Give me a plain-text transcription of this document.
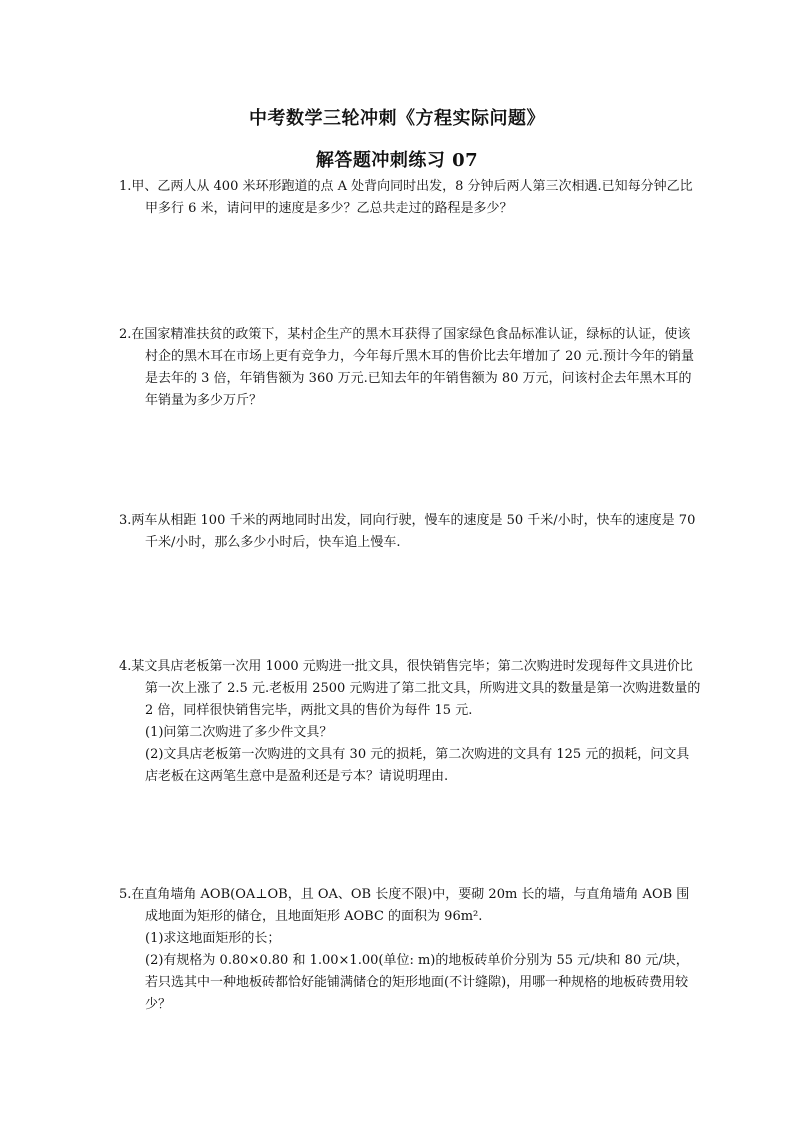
中考数学三轮冲刺《方程实际问题》
解答题冲刺练习 07

1.甲、乙两人从 400 米环形跑道的点 A 处背向同时出发，8 分钟后两人第三次相遇.已知每分钟乙比甲多行 6 米，请问甲的速度是多少？乙总共走过的路程是多少？

2.在国家精准扶贫的政策下，某村企生产的黑木耳获得了国家绿色食品标准认证，绿标的认证，使该村企的黑木耳在市场上更有竞争力，今年每斤黑木耳的售价比去年增加了 20 元.预计今年的销量是去年的 3 倍，年销售额为 360 万元.已知去年的年销售额为 80 万元，问该村企去年黑木耳的年销量为多少万斤？

3.两车从相距 100 千米的两地同时出发，同向行驶，慢车的速度是 50 千米/小时，快车的速度是 70 千米/小时，那么多少小时后，快车追上慢车.

4.某文具店老板第一次用 1000 元购进一批文具，很快销售完毕；第二次购进时发现每件文具进价比第一次上涨了 2.5 元.老板用 2500 元购进了第二批文具，所购进文具的数量是第一次购进数量的 2 倍，同样很快销售完毕，两批文具的售价为每件 15 元.

(1)问第二次购进了多少件文具？

(2)文具店老板第一次购进的文具有 30 元的损耗，第二次购进的文具有 125 元的损耗，问文具店老板在这两笔生意中是盈利还是亏本？请说明理由.

5.在直角墙角 AOB(OA⊥OB，且 OA、OB 长度不限)中，要砌 20m 长的墙，与直角墙角 AOB 围成地面为矩形的储仓，且地面矩形 AOBC 的面积为 96m².

(1)求这地面矩形的长；

(2)有规格为 0.80×0.80 和 1.00×1.00(单位: m)的地板砖单价分别为 55 元/块和 80 元/块，若只选其中一种地板砖都恰好能铺满储仓的矩形地面(不计缝隙)，用哪一种规格的地板砖费用较少？
